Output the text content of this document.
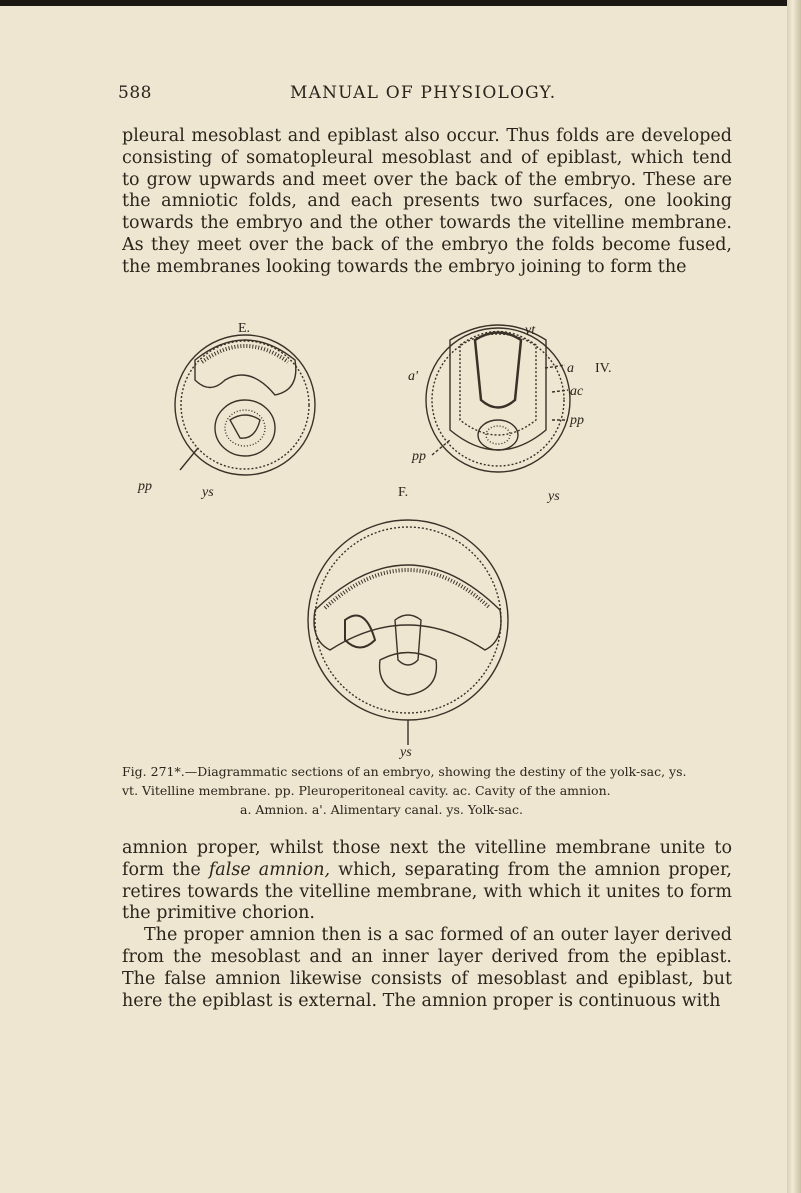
588	MANUAL OF PHYSIOLOGY.

pleural mesoblast and epiblast also occur. Thus folds are developed consisting of somatopleural mesoblast and of epiblast, which tend to grow upwards and meet over the back of the embryo. These are the amniotic folds, and each presents two surfaces, one looking towards the embryo and the other towards the vitelline membrane. As they meet over the back of the embryo the folds become fused, the membranes looking towards the embryo joining to form the

E.	vt
a IV.
a'
ac
pp
pp
pp
ys	F.	ys
ys
Fig. 271*.—Diagrammatic sections of an embryo, showing the destiny of the yolk-sac, ys.
vt. Vitelline membrane. pp. Pleuroperitoneal cavity. ac. Cavity of the amnion.
a. Amnion. a'. Alimentary canal. ys. Yolk-sac.

amnion proper, whilst those next the vitelline membrane unite to form the false amnion, which, separating from the amnion proper, retires towards the vitelline membrane, with which it unites to form the primitive chorion.

The proper amnion then is a sac formed of an outer layer derived from the mesoblast and an inner layer derived from the epiblast. The false amnion likewise consists of mesoblast and epiblast, but here the epiblast is external. The amnion proper is continuous with
